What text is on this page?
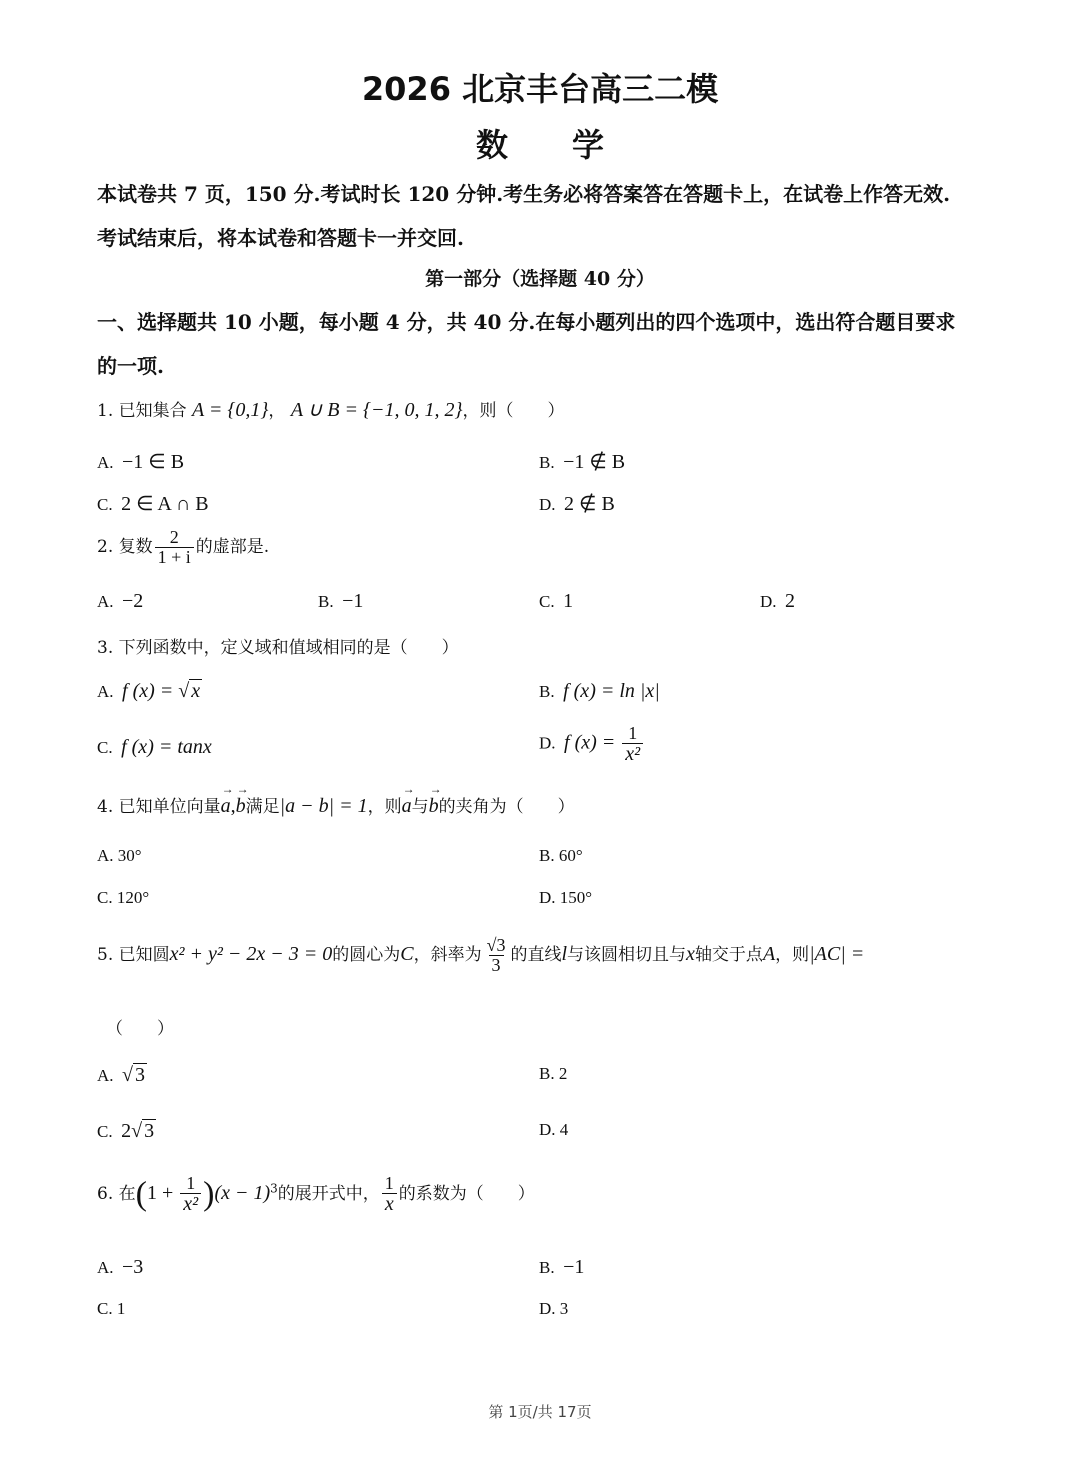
2026 北京丰台高三二模
数学
本试卷共 7 页，150 分.考试时长 120 分钟.考生务必将答案答在答题卡上，在试卷上作答无效.
考试结束后，将本试卷和答题卡一并交回.
第一部分（选择题 40 分）
一、选择题共 10 小题，每小题 4 分，共 40 分.在每小题列出的四个选项中，选出符合题目要求
的一项.
1. 已知集合 A = {0,1}， A ∪ B = {−1, 0, 1, 2}，则（　　）
A. −1 ∈ B	B. −1 ∉ B
C. 2 ∈ A ∩ B	D. 2 ∉ B
2. 复数 $\frac{2}{1 + i}$ 的虚部是.
A. −2	B. −1	C. 1	D. 2
3. 下列函数中，定义域和值域相同的是（　　）
A. f (x) = √ x	B. f (x) = ln |x|
C. f (x) = tanx	D. f $(x) = \frac{1}{\text{x²}}$
4. 已知单位向量→ a,→ b满足|a − b| = 1，则→ a与→ b的夹角为（　　）
A. 30°	B. 60°
C. 120°	D. 150°
5. 已知圆x² + y² − 2x − 3 = 0的圆心为C，斜率为 $\frac{√3}{3}$ 的直线l与该圆相切且与x轴交于点A，则|AC| =
（　　）
A. √ 3	B. 2
C. 2√ 3	D. 4
6. 在$(1 + \frac{1}{\text{x²}} )(x - 1)^3$的展开式中， $\frac{1}{x}$ 的系数为（　　）
A. −3	B. −1
C. 1	D. 3
第 1页/共 17页
